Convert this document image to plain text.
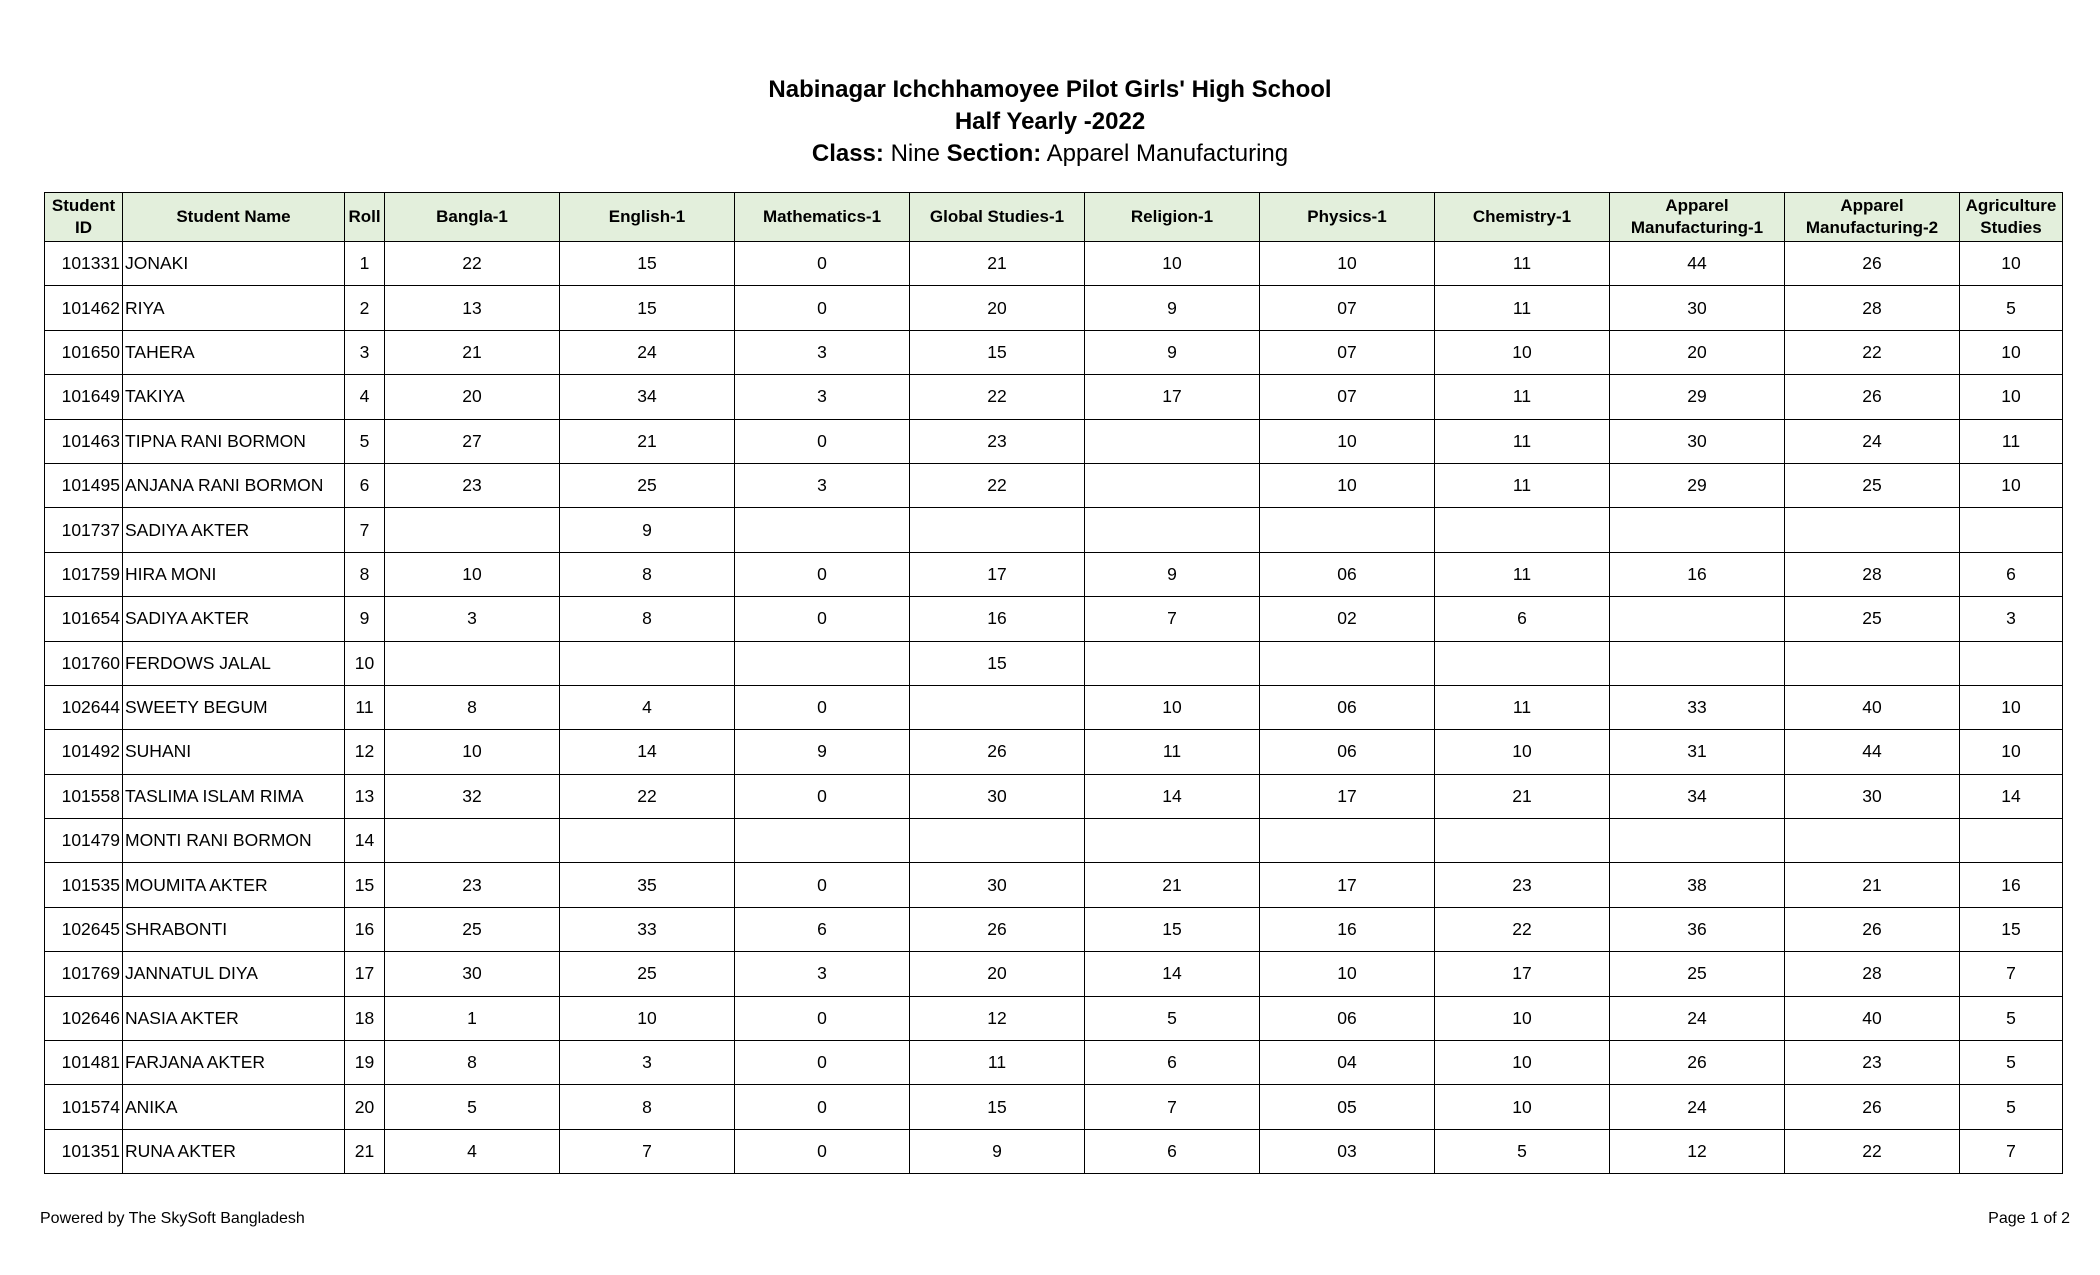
Nabinagar Ichchhamoyee Pilot Girls' High School
Half Yearly -2022
Class: Nine Section: Apparel Manufacturing
Student ID	Student Name	Roll	Bangla-1	English-1	Mathematics-1	Global Studies-1	Religion-1	Physics-1	Chemistry-1	Apparel Manufacturing-1	Apparel Manufacturing-2	Agriculture Studies
101331	JONAKI	1	22	15	0	21	10	10	11	44	26	10
101462	RIYA	2	13	15	0	20	9	07	11	30	28	5
101650	TAHERA	3	21	24	3	15	9	07	10	20	22	10
101649	TAKIYA	4	20	34	3	22	17	07	11	29	26	10
101463	TIPNA RANI BORMON	5	27	21	0	23		10	11	30	24	11
101495	ANJANA RANI BORMON	6	23	25	3	22		10	11	29	25	10
101737	SADIYA AKTER	7		9								
101759	HIRA MONI	8	10	8	0	17	9	06	11	16	28	6
101654	SADIYA AKTER	9	3	8	0	16	7	02	6		25	3
101760	FERDOWS JALAL	10				15						
102644	SWEETY BEGUM	11	8	4	0		10	06	11	33	40	10
101492	SUHANI	12	10	14	9	26	11	06	10	31	44	10
101558	TASLIMA ISLAM RIMA	13	32	22	0	30	14	17	21	34	30	14
101479	MONTI RANI BORMON	14										
101535	MOUMITA AKTER	15	23	35	0	30	21	17	23	38	21	16
102645	SHRABONTI	16	25	33	6	26	15	16	22	36	26	15
101769	JANNATUL DIYA	17	30	25	3	20	14	10	17	25	28	7
102646	NASIA AKTER	18	1	10	0	12	5	06	10	24	40	5
101481	FARJANA AKTER	19	8	3	0	11	6	04	10	26	23	5
101574	ANIKA	20	5	8	0	15	7	05	10	24	26	5
101351	RUNA AKTER	21	4	7	0	9	6	03	5	12	22	7
Powered by The SkySoft Bangladesh	Page 1 of 2
